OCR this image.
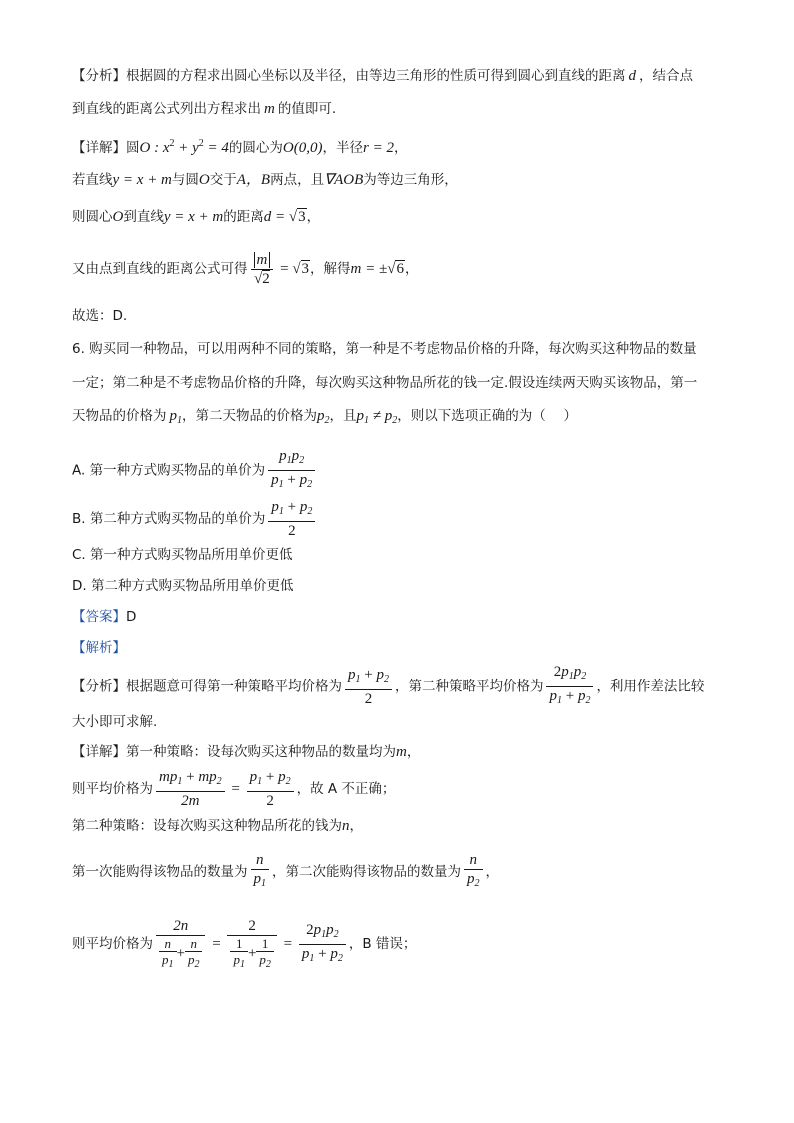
【分析】根据圆的方程求出圆心坐标以及半径，由等边三角形的性质可得到圆心到直线的距离 d ，结合点
到直线的距离公式列出方程求出 m 的值即可.
【详解】圆O : $x^2 + y^2 = 4$的圆心为O(0,0)，半径r = 2，
若直线y = x + m与圆O交于A，B两点，且∇AOB为等边三角形，
则圆心O到直线y = x + m的距离d = √3，
又由点到直线的距离公式可得 $\frac{m}{√2} = √3$，解得m = ±√6，
故选：D.
6. 购买同一种物品，可以用两种不同的策略，第一种是不考虑物品价格的升降，每次购买这种物品的数量
一定；第二种是不考虑物品价格的升降，每次购买这种物品所花的钱一定.假设连续两天购买该物品，第一
天物品的价格为 $p_1$，第二天物品的价格为$p_2$，且$p_1 \ne p_2$，则以下选项正确的为（　 ）
A. 第一种方式购买物品的单价为 $\frac{p_1p_2}{p_1 + p_2}$
B. 第二种方式购买物品的单价为 $\frac{p_1 + p_2}{2}$
C. 第一种方式购买物品所用单价更低
D. 第二种方式购买物品所用单价更低
【答案】D
【解析】
【分析】根据题意可得第一种策略平均价格为 $\frac{p_1 + p_2}{2}$ ，第二种策略平均价格为 $\frac{2p_1p_2}{p_1 + p_2}$ ，利用作差法比较
大小即可求解.
【详解】第一种策略：设每次购买这种物品的数量均为m，
则平均价格为 $\frac{mp_1 + mp_2}{2m} = \frac{p_1 + p_2}{2}$ ，故 A 不正确；
第二种策略：设每次购买这种物品所花的钱为n，
第一次能购得该物品的数量为 $\frac{n}{p_1}$ ，第二次能购得该物品的数量为 $\frac{n}{p_2}$ ，
则平均价格为 $\frac{2n}{\frac{n}{p_1} + \frac{n}{p_2}} = \frac{2}{\frac{1}{p_1} + \frac{1}{p_2}} = \frac{2p_1p_2}{p_1 + p_2}$ ，B 错误；
